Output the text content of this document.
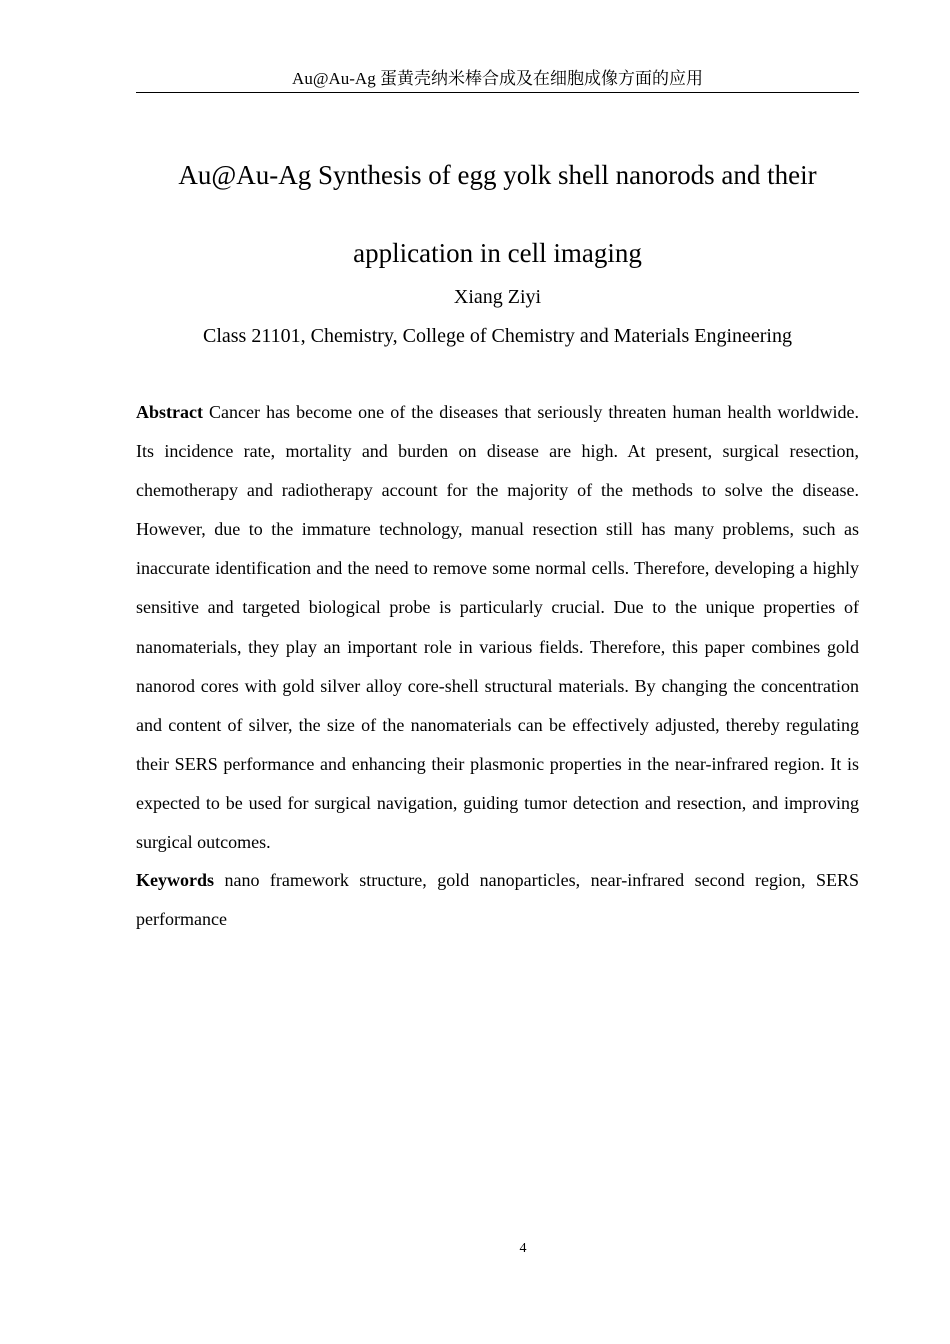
Au@Au-Ag 蛋黄壳纳米棒合成及在细胞成像方面的应用
Au@Au-Ag Synthesis of egg yolk shell nanorods and their
application in cell imaging
Xiang Ziyi
Class 21101, Chemistry, College of Chemistry and Materials Engineering

Abstract Cancer has become one of the diseases that seriously threaten human health worldwide. Its incidence rate, mortality and burden on disease are high. At present, surgical resection, chemotherapy and radiotherapy account for the majority of the methods to solve the disease. However, due to the immature technology, manual resection still has many problems, such as inaccurate identification and the need to remove some normal cells. Therefore, developing a highly sensitive and targeted biological probe is particularly crucial. Due to the unique properties of nanomaterials, they play an important role in various fields. Therefore, this paper combines gold nanorod cores with gold silver alloy core-shell structural materials. By changing the concentration and content of silver, the size of the nanomaterials can be effectively adjusted, thereby regulating their SERS performance and enhancing their plasmonic properties in the near-infrared region. It is expected to be used for surgical navigation, guiding tumor detection and resection, and improving surgical outcomes.

Keywords nano framework structure, gold nanoparticles, near-infrared second region, SERS performance

4
